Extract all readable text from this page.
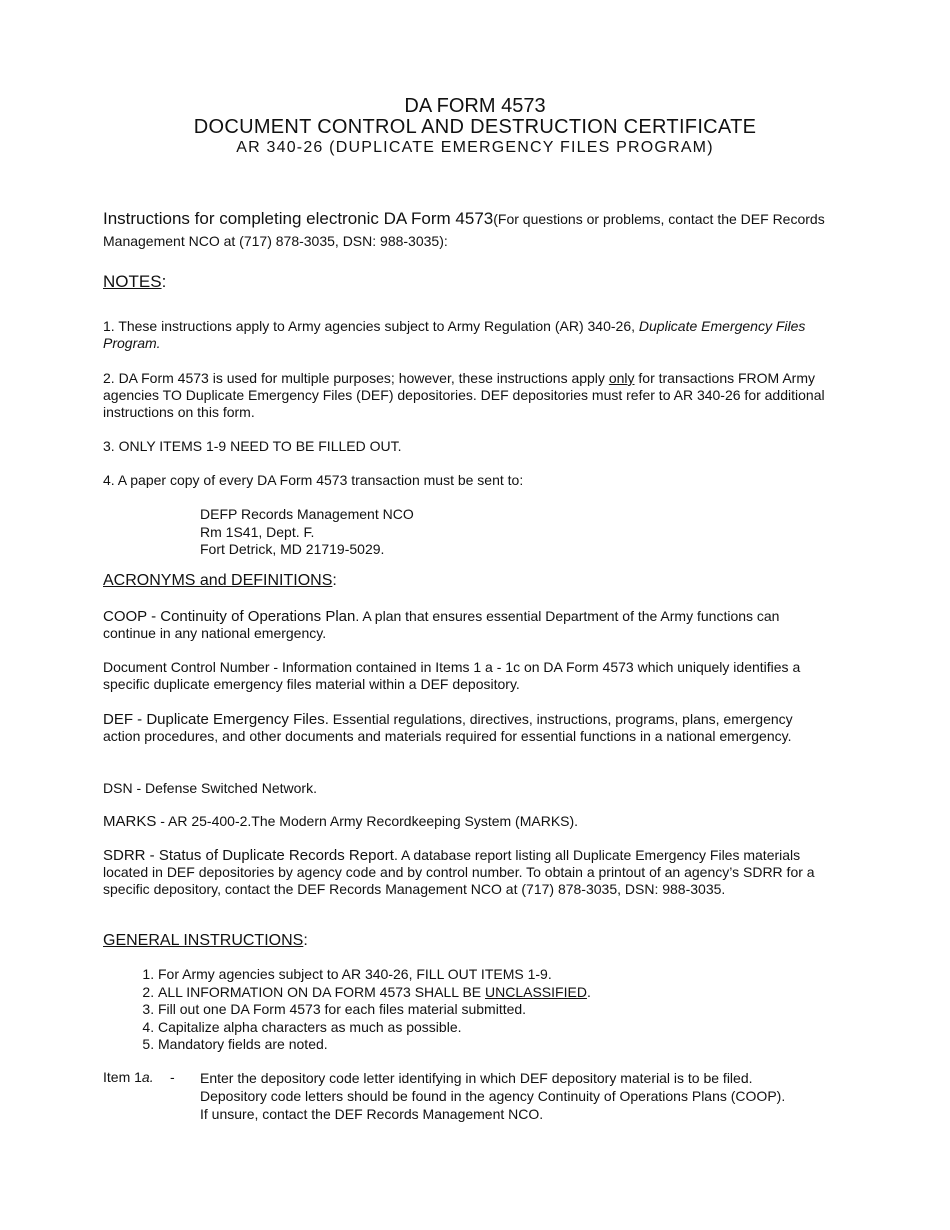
DA FORM 4573
DOCUMENT CONTROL AND DESTRUCTION CERTIFICATE
AR 340-26 (DUPLICATE EMERGENCY FILES PROGRAM)
Instructions for completing electronic DA Form 4573(For questions or problems, contact the DEF Records Management NCO at (717) 878-3035, DSN: 988-3035):
NOTES:
1. These instructions apply to Army agencies subject to Army Regulation (AR) 340-26, Duplicate Emergency Files Program.
2. DA Form 4573 is used for multiple purposes; however, these instructions apply only for transactions FROM Army agencies TO Duplicate Emergency Files (DEF) depositories. DEF depositories must refer to AR 340-26 for additional instructions on this form.
3. ONLY ITEMS 1-9 NEED TO BE FILLED OUT.
4. A paper copy of every DA Form 4573 transaction must be sent to:
DEFP Records Management NCO
Rm 1S41, Dept. F.
Fort Detrick, MD 21719-5029.
ACRONYMS and DEFINITIONS:
COOP - Continuity of Operations Plan. A plan that ensures essential Department of the Army functions can continue in any national emergency.
Document Control Number - Information contained in Items 1 a - 1c on DA Form 4573 which uniquely identifies a specific duplicate emergency files material within a DEF depository.
DEF - Duplicate Emergency Files. Essential regulations, directives, instructions, programs, plans, emergency action procedures, and other documents and materials required for essential functions in a national emergency.
DSN - Defense Switched Network.
MARKS - AR 25-400-2.The Modern Army Recordkeeping System (MARKS).
SDRR - Status of Duplicate Records Report. A database report listing all Duplicate Emergency Files materials located in DEF depositories by agency code and by control number. To obtain a printout of an agency’s SDRR for a specific depository, contact the DEF Records Management NCO at (717) 878-3035, DSN: 988-3035.
GENERAL INSTRUCTIONS:
1. For Army agencies subject to AR 340-26, FILL OUT ITEMS 1-9.
2. ALL INFORMATION ON DA FORM 4573 SHALL BE UNCLASSIFIED.
3. Fill out one DA Form 4573 for each files material submitted.
4. Capitalize alpha characters as much as possible.
5. Mandatory fields are noted.
Item 1a. - Enter the depository code letter identifying in which DEF depository material is to be filed. Depository code letters should be found in the agency Continuity of Operations Plans (COOP). If unsure, contact the DEF Records Management NCO.
